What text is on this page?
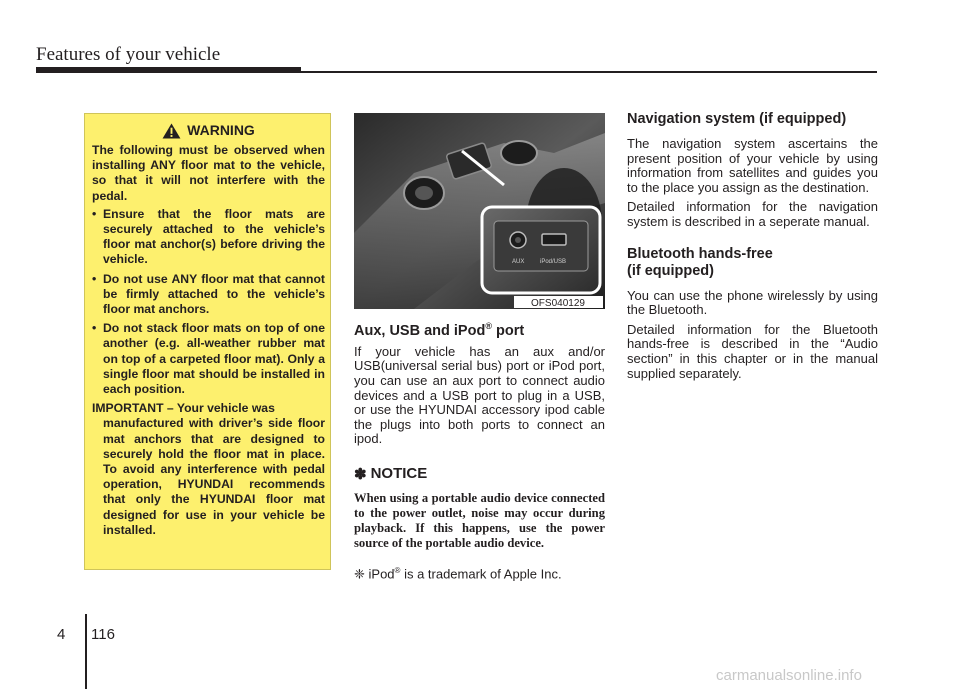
Features of your vehicle
WARNING

The following must be observed when installing ANY floor mat to the vehicle, so that it will not interfere with the pedal.

• Ensure that the floor mats are securely attached to the vehicle’s floor mat anchor(s) before driving the vehicle.
• Do not use ANY floor mat that cannot be firmly attached to the vehicle’s floor mat anchors.
• Do not stack floor mats on top of one another (e.g. all-weather rubber mat on top of a carpeted floor mat). Only a single floor mat should be installed in each position.
IMPORTANT – Your vehicle was
manufactured with driver’s side floor mat anchors that are designed to securely hold the floor mat in place. To avoid any interference with pedal operation, HYUNDAI recommends that only the HYUNDAI floor mat designed for use in your vehicle be installed.
AUX	iPod/USB
OFS040129
Aux, USB and iPod® port

If your vehicle has an aux and/or USB(universal serial bus) port or iPod port, you can use an aux port to connect audio devices and a USB port to plug in a USB, or use the HYUNDAI accessory ipod cable the plugs into both ports to connect an ipod.

✽ NOTICE

When using a portable audio device connected to the power outlet, noise may occur during playback. If this happens, use the power source of the portable audio device.

❈ iPod® is a trademark of Apple Inc.
Navigation system (if equipped)

The navigation system ascertains the present position of your vehicle by using information from satellites and guides you to the place you assign as the destination.

Detailed information for the navigation system is described in a seperate manual.

Bluetooth hands-free
(if equipped)

You can use the phone wirelessly by using the Bluetooth.

Detailed information for the Bluetooth hands-free is described in the “Audio section” in this chapter or in the manual supplied separately.

4 116
carmanualsonline.info
